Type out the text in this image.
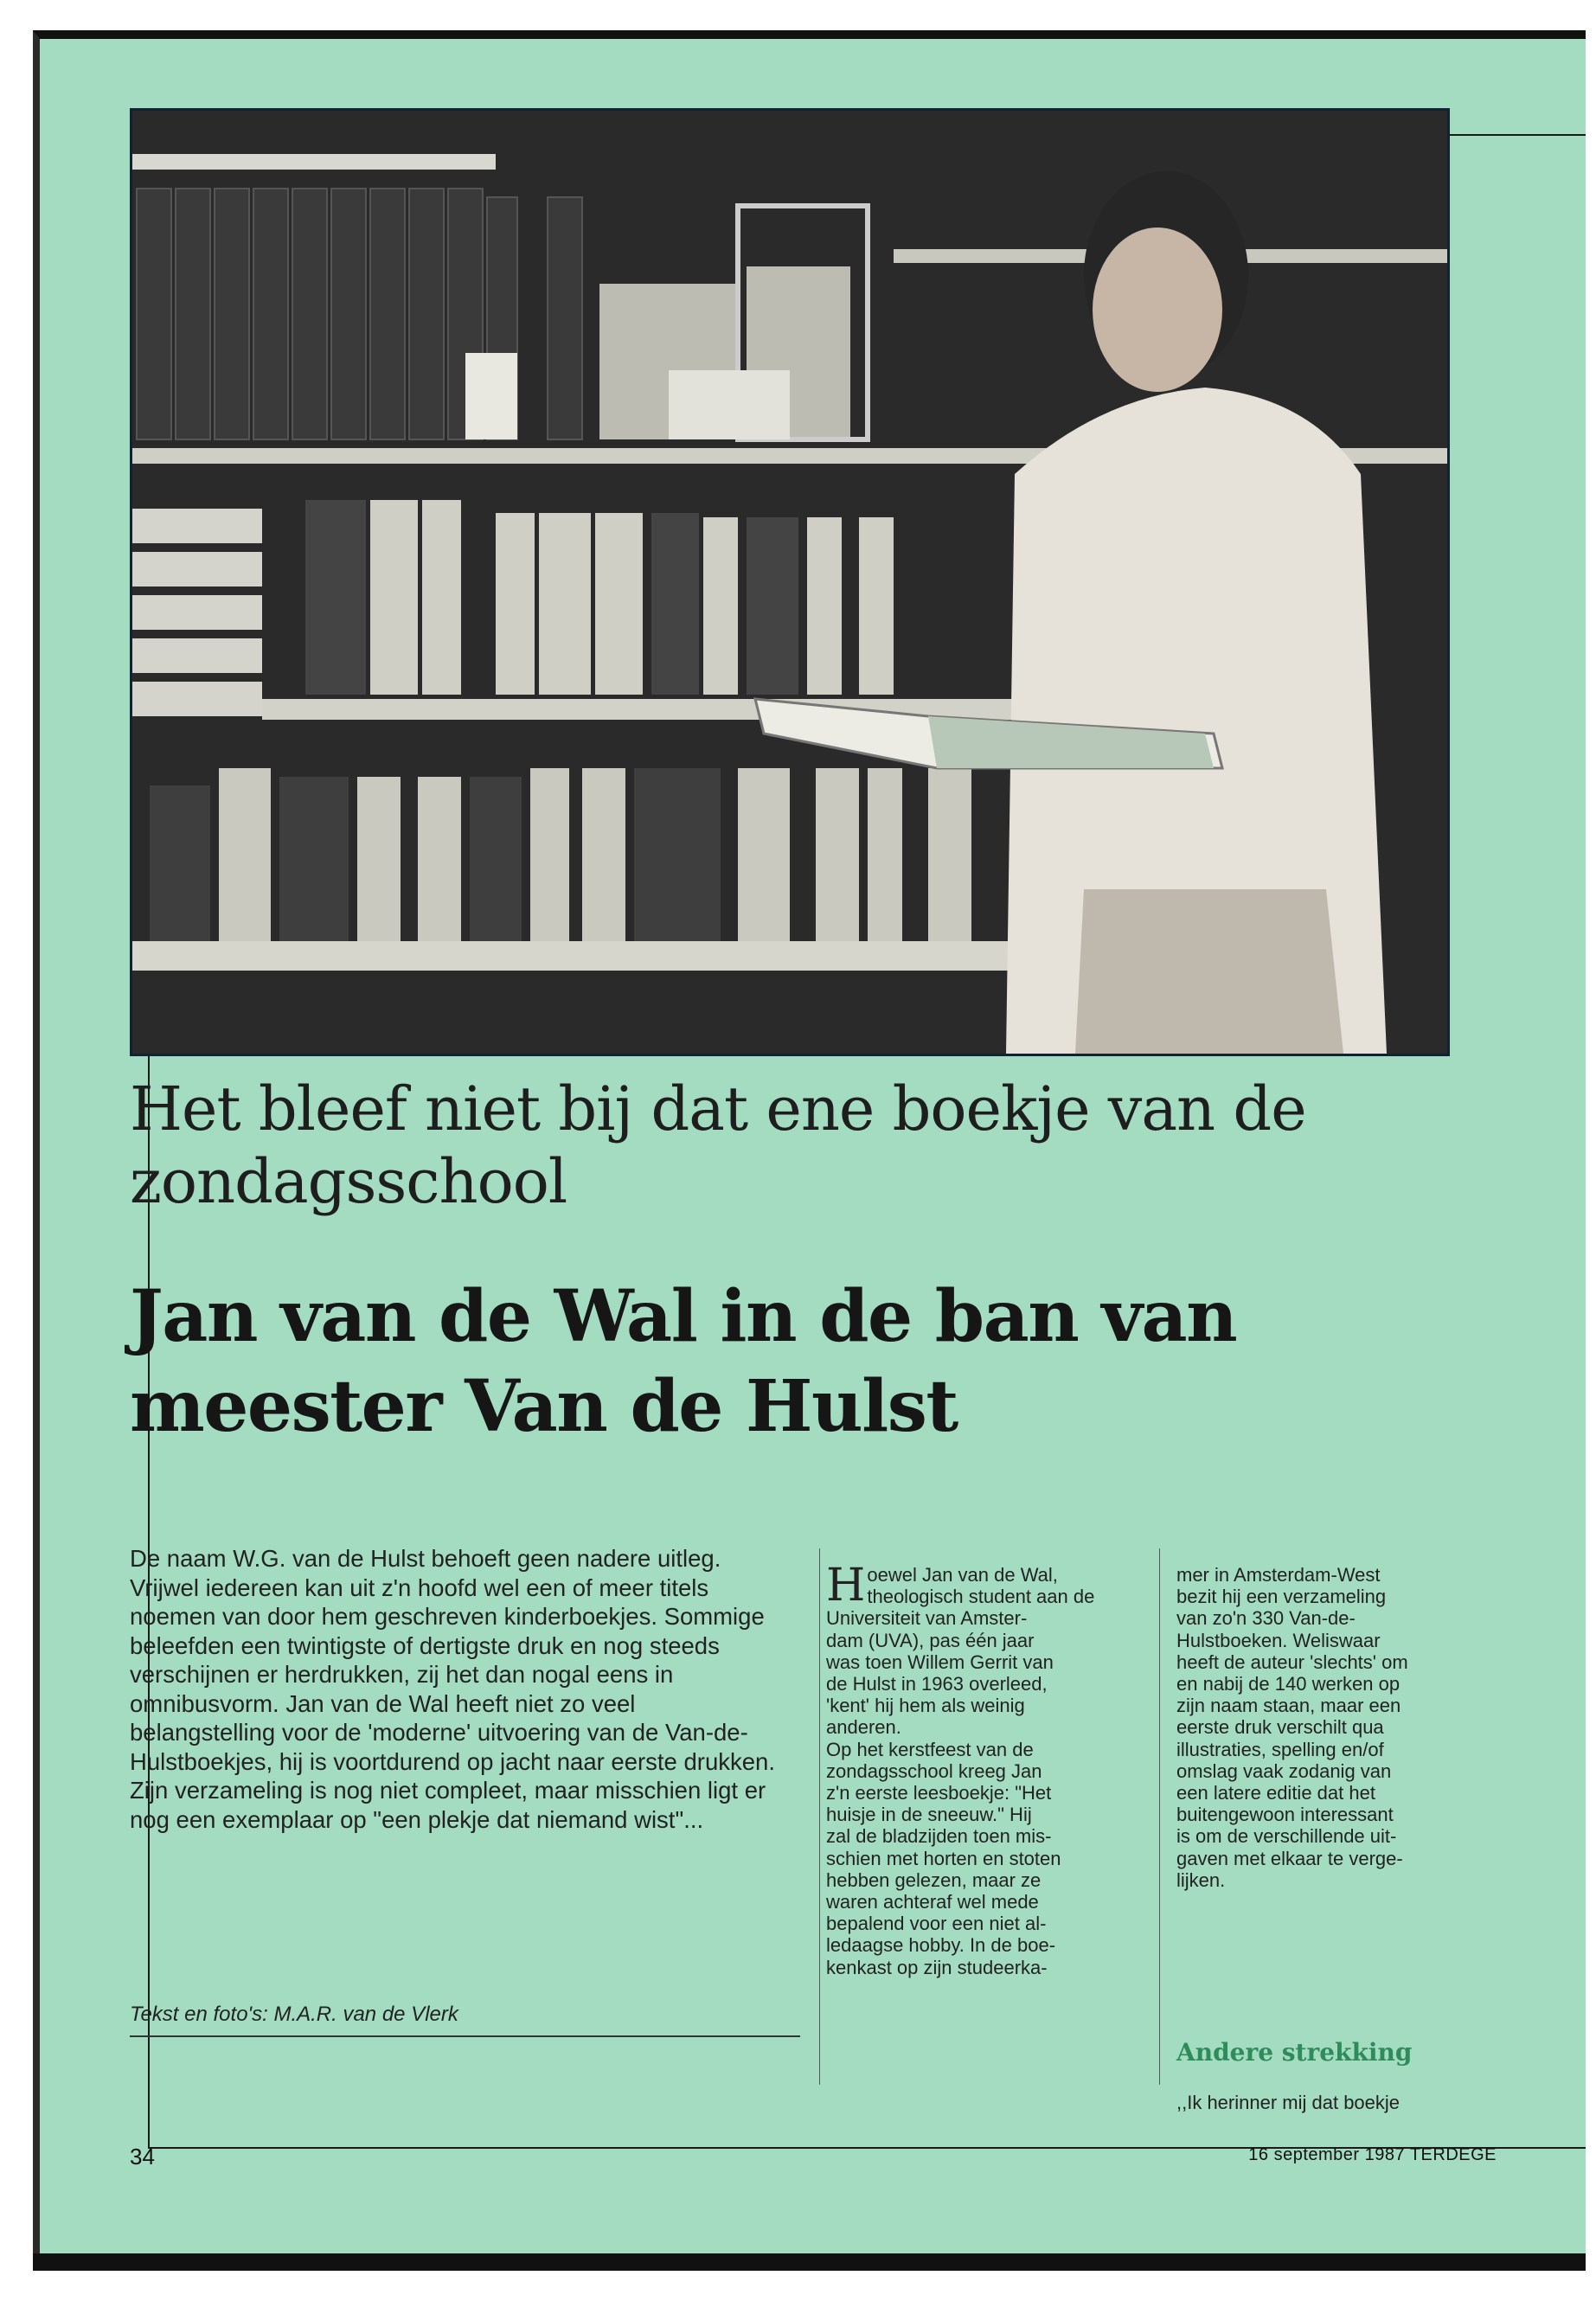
Het bleef niet bij dat ene boekje van de zondagsschool
Jan van de Wal in de ban van meester Van de Hulst
De naam W.G. van de Hulst behoeft geen nadere uitleg. Vrijwel iedereen kan uit z'n hoofd wel een of meer titels noemen van door hem geschreven kinderboekjes. Sommige beleefden een twintigste of dertigste druk en nog steeds verschijnen er herdrukken, zij het dan nogal eens in omnibusvorm. Jan van de Wal heeft niet zo veel belangstelling voor de 'moderne' uitvoering van de Van-de-Hulstboekjes, hij is voortdurend op jacht naar eerste drukken. Zijn verzameling is nog niet compleet, maar misschien ligt er nog een exemplaar op "een plekje dat niemand wist"...
Tekst en foto's: M.A.R. van de Vlerk
Hoewel Jan van de Wal,
theologisch student aan de
Universiteit van Amster-
dam (UVA), pas één jaar
was toen Willem Gerrit van
de Hulst in 1963 overleed,
'kent' hij hem als weinig
anderen.
Op het kerstfeest van de
zondagsschool kreeg Jan
z'n eerste leesboekje: "Het
huisje in de sneeuw." Hij
zal de bladzijden toen mis-
schien met horten en stoten
hebben gelezen, maar ze
waren achteraf wel mede
bepalend voor een niet al-
ledaagse hobby. In de boe-
kenkast op zijn studeerka-
mer in Amsterdam-West
bezit hij een verzameling
van zo'n 330 Van-de-
Hulstboeken. Weliswaar
heeft de auteur 'slechts' om
en nabij de 140 werken op
zijn naam staan, maar een
eerste druk verschilt qua
illustraties, spelling en/of
omslag vaak zodanig van
een latere editie dat het
buitengewoon interessant
is om de verschillende uit-
gaven met elkaar te verge-
lijken.
Andere strekking
,,Ik herinner mij dat boekje
34	16 september 1987 TERDEGE
